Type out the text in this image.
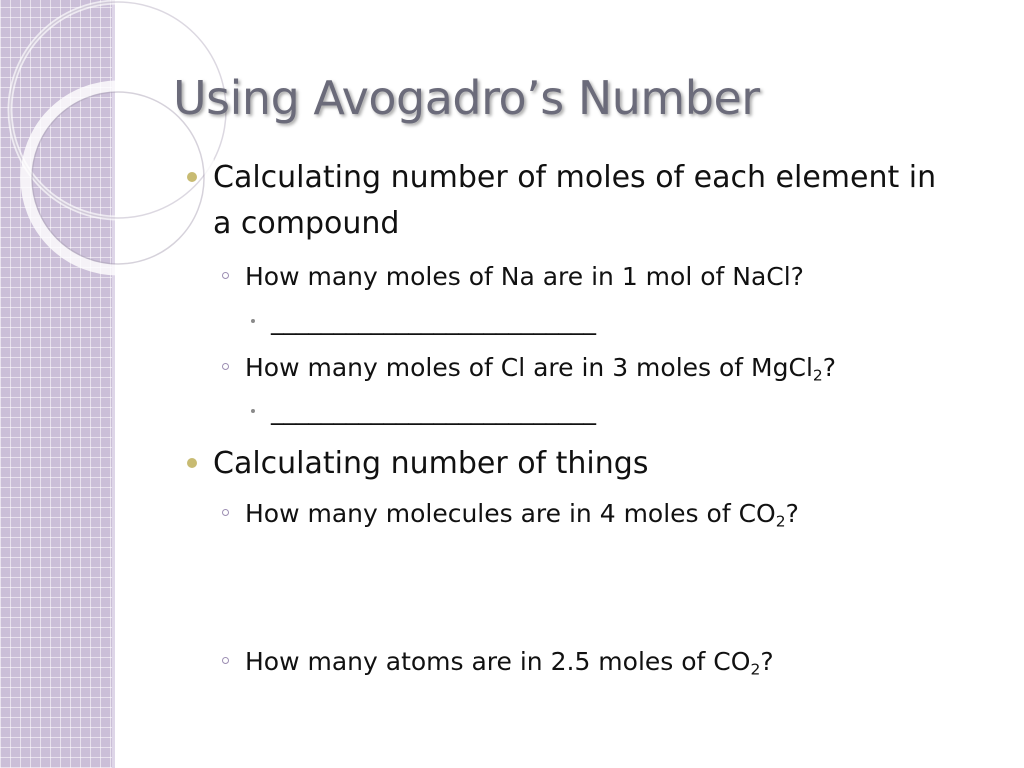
Using Avogadro’s Number
Calculating number of moles of each element in
a compound
How many moles of Na are in 1 mol of NaCl?
__________________________
How many moles of Cl are in 3 moles of MgCl$_2$?
__________________________
Calculating number of things
How many molecules are in 4 moles of $CO_2$?
How many atoms are in 2.5 moles of $CO_2$?
